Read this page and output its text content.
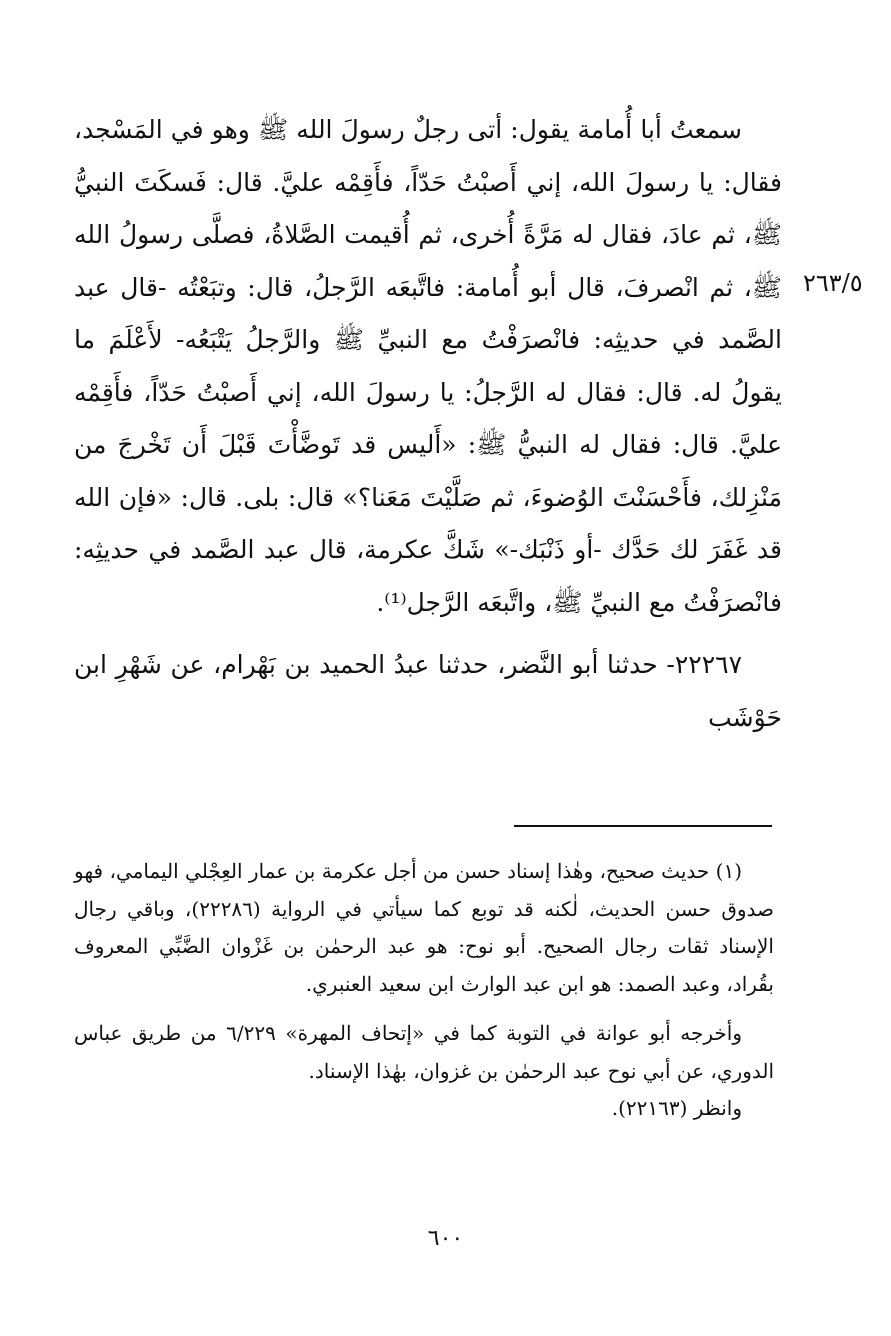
٢٦٣/٥

سمعتُ أبا أُمامة يقول: أتى رجلٌ رسولَ الله ﷺ وهو في المَسْجد، فقال: يا رسولَ الله، إني أَصبْتُ حَدّاً، فأَقِمْه عليَّ. قال: فَسكَتَ النبيُّ ﷺ، ثم عادَ، فقال له مَرَّةً أُخرى، ثم أُقيمت الصَّلاةُ، فصلَّى رسولُ الله ﷺ، ثم انْصرفَ، قال أبو أُمامة: فاتَّبعَه الرَّجلُ، قال: وتبَعْتُه -قال عبد الصَّمد في حديثِه: فانْصرَفْتُ مع النبيِّ ﷺ والرَّجلُ يَتْبَعُه- لأَعْلَمَ ما يقولُ له. قال: فقال له الرَّجلُ: يا رسولَ الله، إني أَصبْتُ حَدّاً، فأَقِمْه عليَّ. قال: فقال له النبيُّ ﷺ: «أَليس قد تَوضَّأْتَ قَبْلَ أَن تَخْرجَ من مَنْزِلك، فأَحْسَنْتَ الوُضوءَ، ثم صَلَّيْتَ مَعَنا؟» قال: بلى. قال: «فإن الله قد غَفَرَ لك حَدَّك -أو ذَنْبَك-» شَكَّ عكرمة، قال عبد الصَّمد في حديثِه: فانْصرَفْتُ مع النبيِّ ﷺ، واتَّبعَه الرَّجل⁽¹⁾.

٢٢٢٦٧- حدثنا أبو النَّضر، حدثنا عبدُ الحميد بن بَهْرام، عن شَهْرِ ابن حَوْشَب

(١) حديث صحيح، وهٰذا إسناد حسن من أجل عكرمة بن عمار العِجْلي اليمامي، فهو صدوق حسن الحديث، لٰكنه قد توبع كما سيأتي في الرواية (٢٢٢٨٦)، وباقي رجال الإسناد ثقات رجال الصحيح. أبو نوح: هو عبد الرحمٰن بن غَزْوان الضَّبِّي المعروف بقُراد، وعبد الصمد: هو ابن عبد الوارث ابن سعيد العنبري.

وأخرجه أبو عوانة في التوبة كما في «إتحاف المهرة» ٦/٢٢٩ من طريق عباس الدوري، عن أبي نوح عبد الرحمٰن بن غزوان، بهٰذا الإسناد.

وانظر (٢٢١٦٣).

٦٠٠
